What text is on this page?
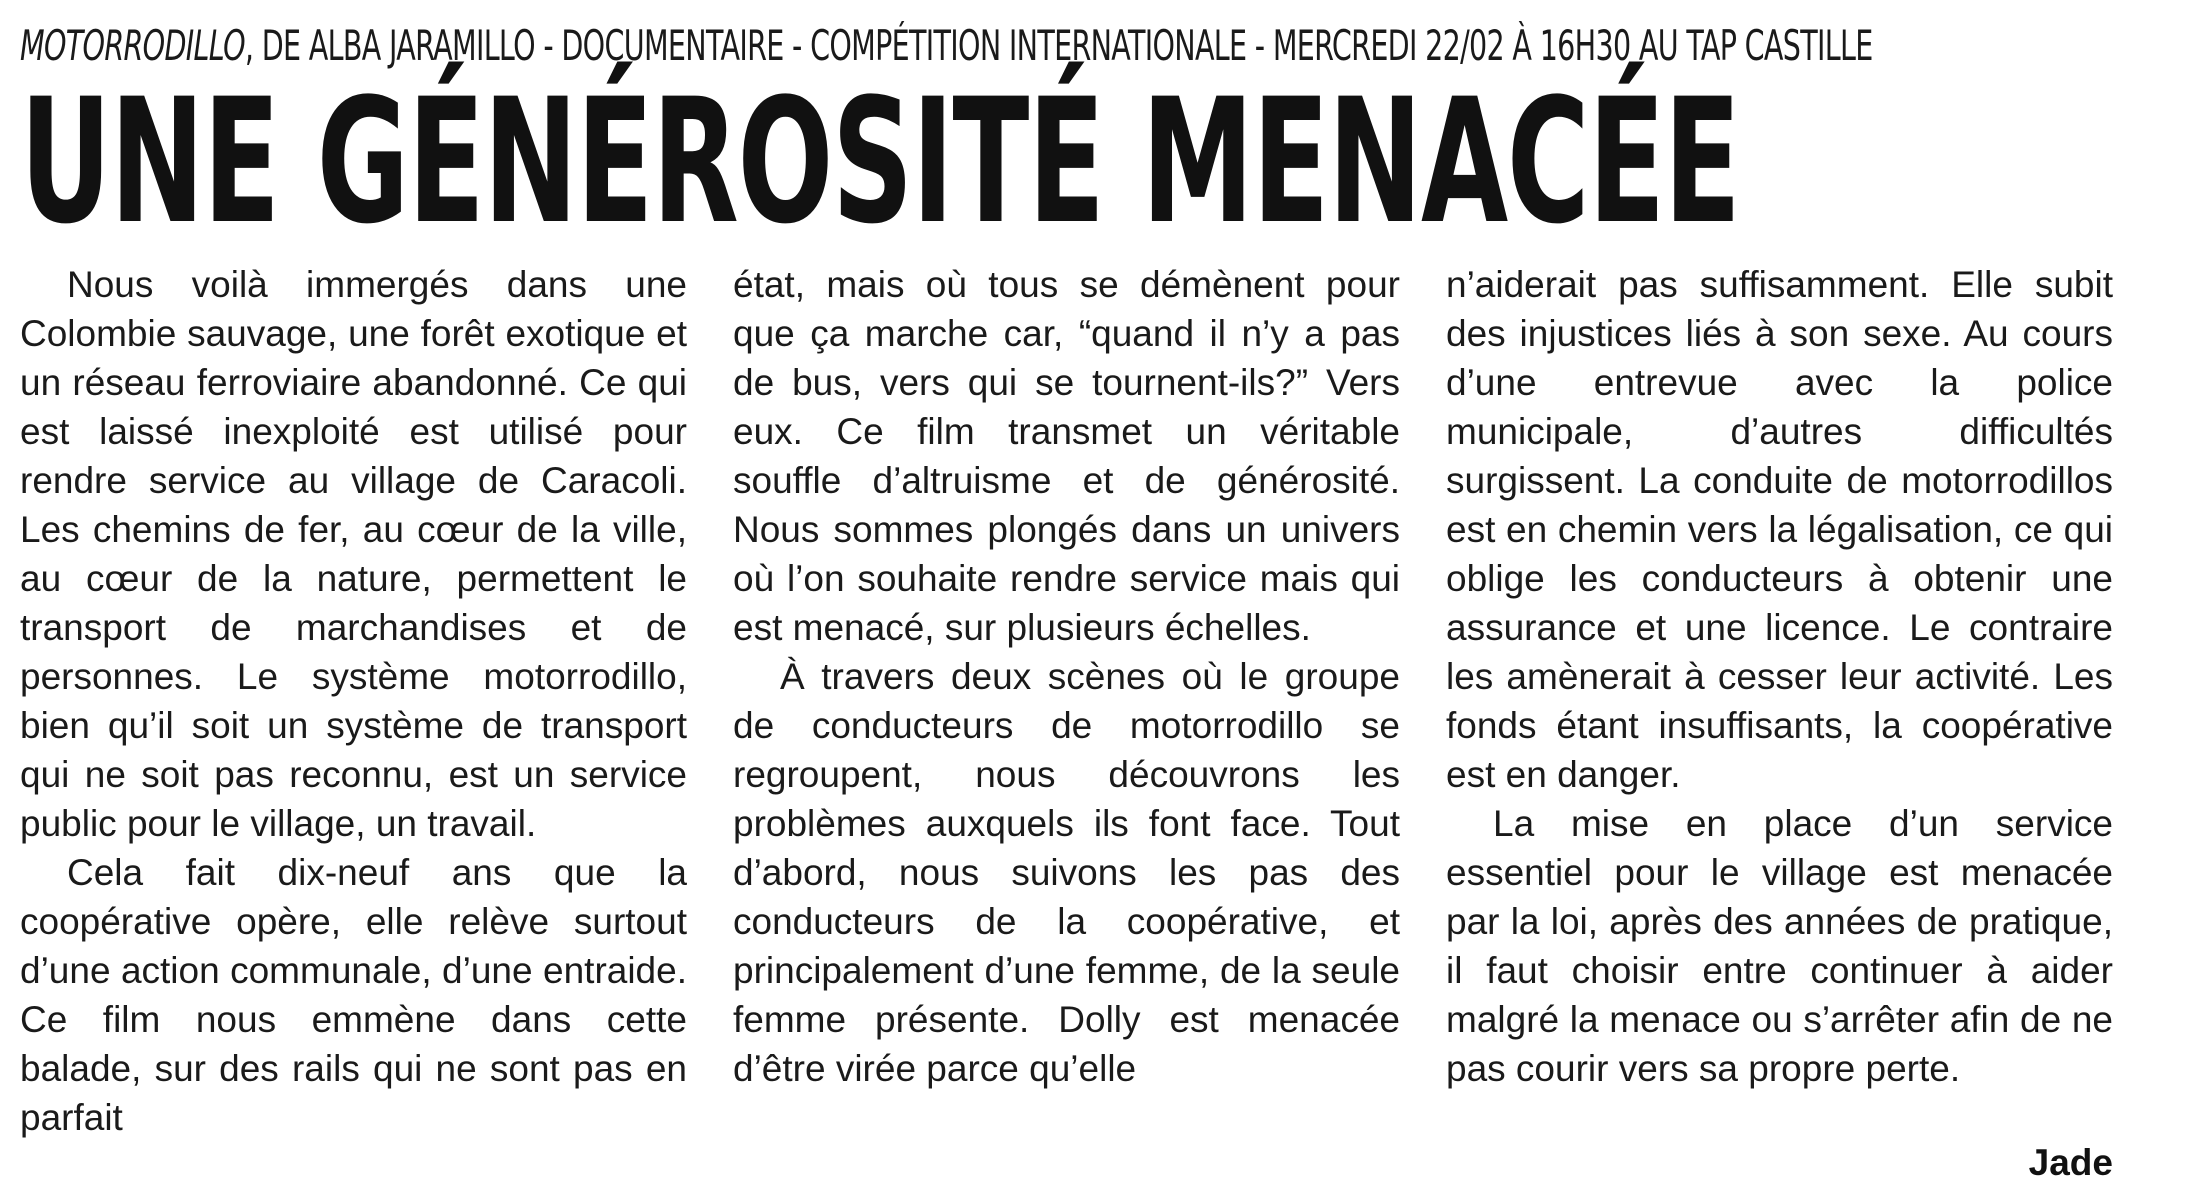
MOTORRODILLO, DE ALBA JARAMILLO - DOCUMENTAIRE - COMPÉTITION INTERNATIONALE - MERCREDI 22/02 À 16H30 AU TAP CASTILLE
UNE GÉNÉROSITÉ MENACÉE

Nous voilà immergés dans une Colombie sauvage, une forêt exotique et un réseau ferroviaire abandonné. Ce qui est laissé inexploité est utilisé pour rendre service au village de Caracoli. Les chemins de fer, au cœur de la ville, au cœur de la nature, permettent le transport de marchandises et de personnes. Le système motorrodillo, bien qu’il soit un système de transport qui ne soit pas reconnu, est un service public pour le village, un travail.

Cela fait dix-neuf ans que la coopérative opère, elle relève surtout d’une action communale, d’une entraide. Ce film nous emmène dans cette balade, sur des rails qui ne sont pas en parfait

état, mais où tous se démènent pour que ça marche car, “quand il n’y a pas de bus, vers qui se tournent-ils?” Vers eux. Ce film transmet un véritable souffle d’altruisme et de générosité. Nous sommes plongés dans un univers où l’on souhaite rendre service mais qui est menacé, sur plusieurs échelles.

À travers deux scènes où le groupe de conducteurs de motorrodillo se regroupent, nous découvrons les problèmes auxquels ils font face. Tout d’abord, nous suivons les pas des conducteurs de la coopérative, et principalement d’une femme, de la seule femme présente. Dolly est menacée d’être virée parce qu’elle

n’aiderait pas suffisamment. Elle subit des injustices liés à son sexe. Au cours d’une entrevue avec la police municipale, d’autres difficultés surgissent. La conduite de motorrodillos est en chemin vers la légalisation, ce qui oblige les conducteurs à obtenir une assurance et une licence. Le contraire les amènerait à cesser leur activité. Les fonds étant insuffisants, la coopérative est en danger.

La mise en place d’un service essentiel pour le village est menacée par la loi, après des années de pratique, il faut choisir entre continuer à aider malgré la menace ou s’arrêter afin de ne pas courir vers sa propre perte.

Jade
